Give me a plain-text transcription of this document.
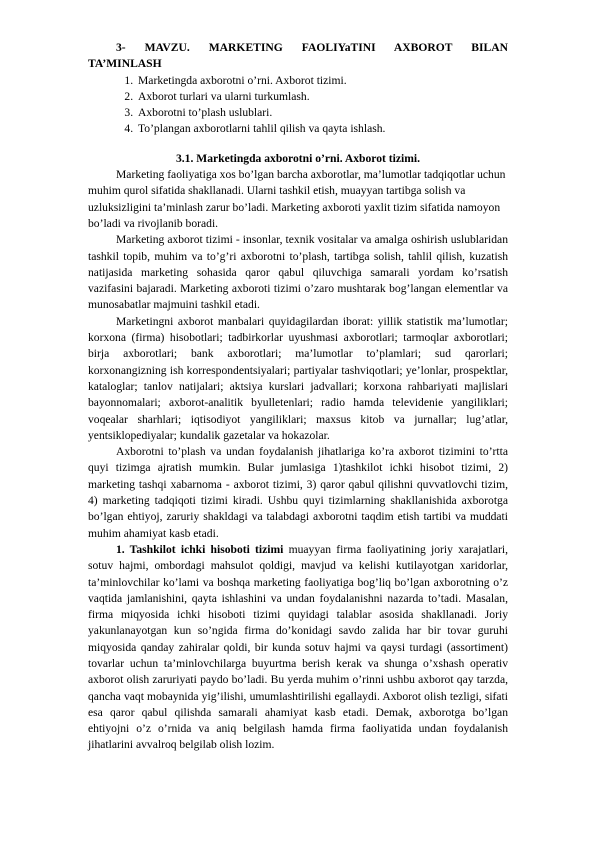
3- MAVZU. MARKETING FAOLIYaTINI AXBOROT BILAN
TA’MINLASH
1. Marketingda axborotni o’rni. Axborot tizimi.
2. Axborot turlari va ularni turkumlash.
3. Axborotni to’plash uslublari.
4. To’plangan axborotlarni tahlil qilish va qayta ishlash.
3.1. Marketingda axborotni o’rni. Axborot tizimi.

Marketing faoliyatiga xos bo’lgan barcha axborotlar, ma’lumotlar tadqiqotlar uchun muhim qurol sifatida shakllanadi. Ularni tashkil etish, muayyan tartibga solish va uzluksizligini ta’minlash zarur bo’ladi. Marketing axboroti yaxlit tizim sifatida namoyon bo’ladi va rivojlanib boradi.

Marketing axborot tizimi - insonlar, texnik vositalar va amalga oshirish uslublaridan tashkil topib, muhim va to’g’ri axborotni to’plash, tartibga solish, tahlil qilish, kuzatish natijasida marketing sohasida qaror qabul qiluvchiga samarali yordam ko’rsatish vazifasini bajaradi. Marketing axboroti tizimi o’zaro mushtarak bog’langan elementlar va munosabatlar majmuini tashkil etadi.

Marketingni axborot manbalari quyidagilardan iborat: yillik statistik ma’lumotlar; korxona (firma) hisobotlari; tadbirkorlar uyushmasi axborotlari; tarmoqlar axborotlari; birja axborotlari; bank axborotlari; ma’lumotlar to’plamlari; sud qarorlari; korxonangizning ish korrespondentsiyalari; partiyalar tashviqotlari; ye’lonlar, prospektlar, kataloglar; tanlov natijalari; aktsiya kurslari jadvallari; korxona rahbariyati majlislari bayonnomalari; axborot-analitik byulletenlari; radio hamda televidenie yangiliklari; voqealar sharhlari; iqtisodiyot yangiliklari; maxsus kitob va jurnallar; lug’atlar, yentsiklopediyalar; kundalik gazetalar va hokazolar.

Axborotni to’plash va undan foydalanish jihatlariga ko’ra axborot tizimini to’rtta quyi tizimga ajratish mumkin. Bular jumlasiga 1)tashkilot ichki hisobot tizimi, 2) marketing tashqi xabarnoma - axborot tizimi, 3) qaror qabul qilishni quvvatlovchi tizim, 4) marketing tadqiqoti tizimi kiradi. Ushbu quyi tizimlarning shakllanishida axborotga bo’lgan ehtiyoj, zaruriy shakldagi va talabdagi axborotni taqdim etish tartibi va muddati muhim ahamiyat kasb etadi.

1. Tashkilot ichki hisoboti tizimi muayyan firma faoliyatining joriy xarajatlari, sotuv hajmi, ombordagi mahsulot qoldigi, mavjud va kelishi kutilayotgan xaridorlar, ta’minlovchilar ko’lami va boshqa marketing faoliyatiga bog’liq bo’lgan axborotning o’z vaqtida jamlanishini, qayta ishlashini va undan foydalanishni nazarda to’tadi. Masalan, firma miqyosida ichki hisoboti tizimi quyidagi talablar asosida shakllanadi. Joriy yakunlanayotgan kun so’ngida firma do’konidagi savdo zalida har bir tovar guruhi miqyosida qanday zahiralar qoldi, bir kunda sotuv hajmi va qaysi turdagi (assortiment) tovarlar uchun ta’minlovchilarga buyurtma berish kerak va shunga o’xshash operativ axborot olish zaruriyati paydo bo’ladi. Bu yerda muhim o’rinni ushbu axborot qay tarzda, qancha vaqt mobaynida yig’ilishi, umumlashtirilishi egallaydi. Axborot olish tezligi, sifati esa qaror qabul qilishda samarali ahamiyat kasb etadi. Demak, axborotga bo’lgan ehtiyojni o’z o’rnida va aniq belgilash hamda firma faoliyatida undan foydalanish jihatlarini avvalroq belgilab olish lozim.
